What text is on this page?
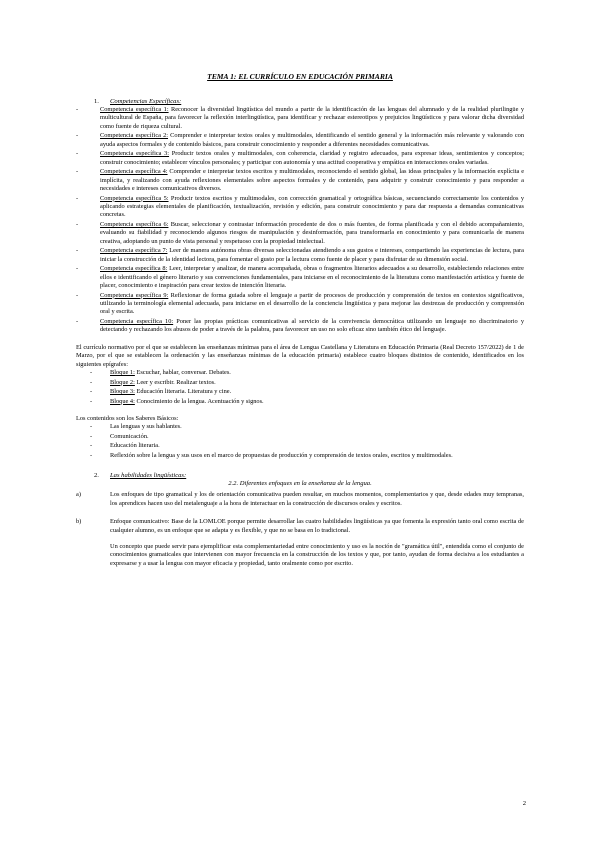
TEMA 1: EL CURRÍCULO EN EDUCACIÓN PRIMARIA
1.	Competencias Específicas:
- Competencia específica 1: Reconocer la diversidad lingüística del mundo a partir de la identificación de las lenguas del alumnado y de la realidad plurilingüe y multicultural de España, para favorecer la reflexión interlingüística, para identificar y rechazar estereotipos y prejuicios lingüísticos y para valorar dicha diversidad como fuente de riqueza cultural.
- Competencia específica 2: Comprender e interpretar textos orales y multimodales, identificando el sentido general y la información más relevante y valorando con ayuda aspectos formales y de contenido básicos, para construir conocimiento y responder a diferentes necesidades comunicativas.
- Competencia específica 3: Producir textos orales y multimodales, con coherencia, claridad y registro adecuados, para expresar ideas, sentimientos y conceptos; construir conocimiento; establecer vínculos personales; y participar con autonomía y una actitud cooperativa y empática en interacciones orales variadas.
- Competencia específica 4: Comprender e interpretar textos escritos y multimodales, reconociendo el sentido global, las ideas principales y la información explícita e implícita, y realizando con ayuda reflexiones elementales sobre aspectos formales y de contenido, para adquirir y construir conocimiento y para responder a necesidades e intereses comunicativos diversos.
- Competencia específica 5: Producir textos escritos y multimodales, con corrección gramatical y ortográfica básicas, secuenciando correctamente los contenidos y aplicando estrategias elementales de planificación, textualización, revisión y edición, para construir conocimiento y para dar respuesta a demandas comunicativas concretas.
- Competencia específica 6: Buscar, seleccionar y contrastar información procedente de dos o más fuentes, de forma planificada y con el debido acompañamiento, evaluando su fiabilidad y reconociendo algunos riesgos de manipulación y desinformación, para transformarla en conocimiento y para comunicarla de manera creativa, adoptando un punto de vista personal y respetuoso con la propiedad intelectual.
- Competencia específica 7: Leer de manera autónoma obras diversas seleccionadas atendiendo a sus gustos e intereses, compartiendo las experiencias de lectura, para iniciar la construcción de la identidad lectora, para fomentar el gusto por la lectura como fuente de placer y para disfrutar de su dimensión social.
- Competencia específica 8: Leer, interpretar y analizar, de manera acompañada, obras o fragmentos literarios adecuados a su desarrollo, estableciendo relaciones entre ellos e identificando el género literario y sus convenciones fundamentales, para iniciarse en el reconocimiento de la literatura como manifestación artística y fuente de placer, conocimiento e inspiración para crear textos de intención literaria.
- Competencia específica 9: Reflexionar de forma guiada sobre el lenguaje a partir de procesos de producción y comprensión de textos en contextos significativos, utilizando la terminología elemental adecuada, para iniciarse en el desarrollo de la conciencia lingüística y para mejorar las destrezas de producción y comprensión oral y escrita.
- Competencia específica 10: Poner las propias prácticas comunicativas al servicio de la convivencia democrática utilizando un lenguaje no discriminatorio y detectando y rechazando los abusos de poder a través de la palabra, para favorecer un uso no solo eficaz sino también ético del lenguaje.

El currículo normativo por el que se establecen las enseñanzas mínimas para el área de Lengua Castellana y Literatura en Educación Primaria (Real Decreto 157/2022) de 1 de Marzo, por el que se establecen la ordenación y las enseñanzas mínimas de la educación primaria) establece cuatro bloques distintos de contenido, identificados en los siguientes epígrafes:

- Bloque 1: Escuchar, hablar, conversar. Debates.
- Bloque 2: Leer y escribir. Realizar textos.
- Bloque 3: Educación literaria. Literatura y cine.
- Bloque 4: Conocimiento de la lengua. Acentuación y signos.

Los contenidos son los Saberes Básicos:

- Las lenguas y sus hablantes.
- Comunicación.
- Educación literaria.
- Reflexión sobre la lengua y sus usos en el marco de propuestas de producción y comprensión de textos orales, escritos y multimodales.
2.	Las habilidades lingüísticas:
2.2. Diferentes enfoques en la enseñanza de la lengua.
a)	Los enfoques de tipo gramatical y los de orientación comunicativa pueden resultar, en muchos momentos, complementarios y que, desde edades muy tempranas, los aprendices hacen uso del metalenguaje a la hora de interactuar en la construcción de discursos orales y escritos.

b)	Enfoque comunicativo: Base de la LOMLOE porque permite desarrollar las cuatro habilidades lingüísticas ya que fomenta la expresión tanto oral como escrita de cualquier alumno, es un enfoque que se adapta y es flexible, y que no se basa en lo tradicional.

Un concepto que puede servir para ejemplificar esta complementariedad entre conocimiento y uso es la noción de "gramática útil", entendida como el conjunto de conocimientos gramaticales que intervienen con mayor frecuencia en la construcción de los textos y que, por tanto, ayudan de forma decisiva a los estudiantes a expresarse y a usar la lengua con mayor eficacia y propiedad, tanto oralmente como por escrito.

2
